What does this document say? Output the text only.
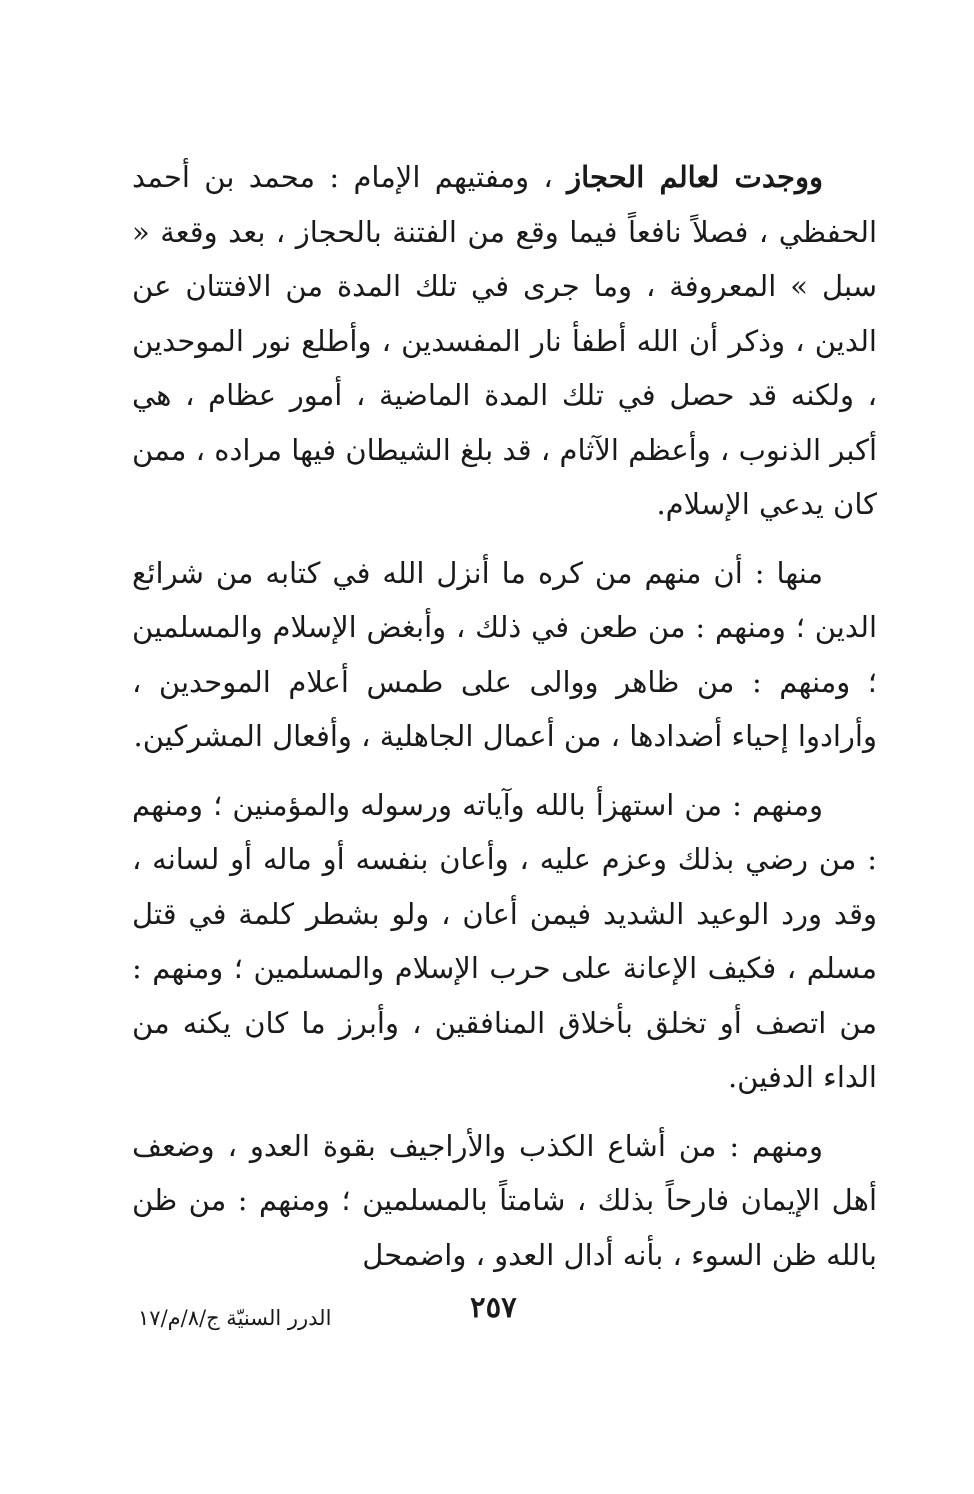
ووجدت لعالم الحجاز ، ومفتيهم الإمام : محمد بن أحمد الحفظي ، فصلاً نافعاً فيما وقع من الفتنة بالحجاز ، بعد وقعة « سبل » المعروفة ، وما جرى في تلك المدة من الافتتان عن الدين ، وذكر أن الله أطفأ نار المفسدين ، وأطلع نور الموحدين ، ولكنه قد حصل في تلك المدة الماضية ، أمور عظام ، هي أكبر الذنوب ، وأعظم الآثام ، قد بلغ الشيطان فيها مراده ، ممن كان يدعي الإسلام.

منها : أن منهم من كره ما أنزل الله في كتابه من شرائع الدين ؛ ومنهم : من طعن في ذلك ، وأبغض الإسلام والمسلمين ؛ ومنهم : من ظاهر ووالى على طمس أعلام الموحدين ، وأرادوا إحياء أضدادها ، من أعمال الجاهلية ، وأفعال المشركين.

ومنهم : من استهزأ بالله وآياته ورسوله والمؤمنين ؛ ومنهم : من رضي بذلك وعزم عليه ، وأعان بنفسه أو ماله أو لسانه ، وقد ورد الوعيد الشديد فيمن أعان ، ولو بشطر كلمة في قتل مسلم ، فكيف الإعانة على حرب الإسلام والمسلمين ؛ ومنهم : من اتصف أو تخلق بأخلاق المنافقين ، وأبرز ما كان يكنه من الداء الدفين.

ومنهم : من أشاع الكذب والأراجيف بقوة العدو ، وضعف أهل الإيمان فارحاً بذلك ، شامتاً بالمسلمين ؛ ومنهم : من ظن بالله ظن السوء ، بأنه أدال العدو ، واضمحل

٢٥٧
الدرر السنيّة ج/٨/م/١٧
